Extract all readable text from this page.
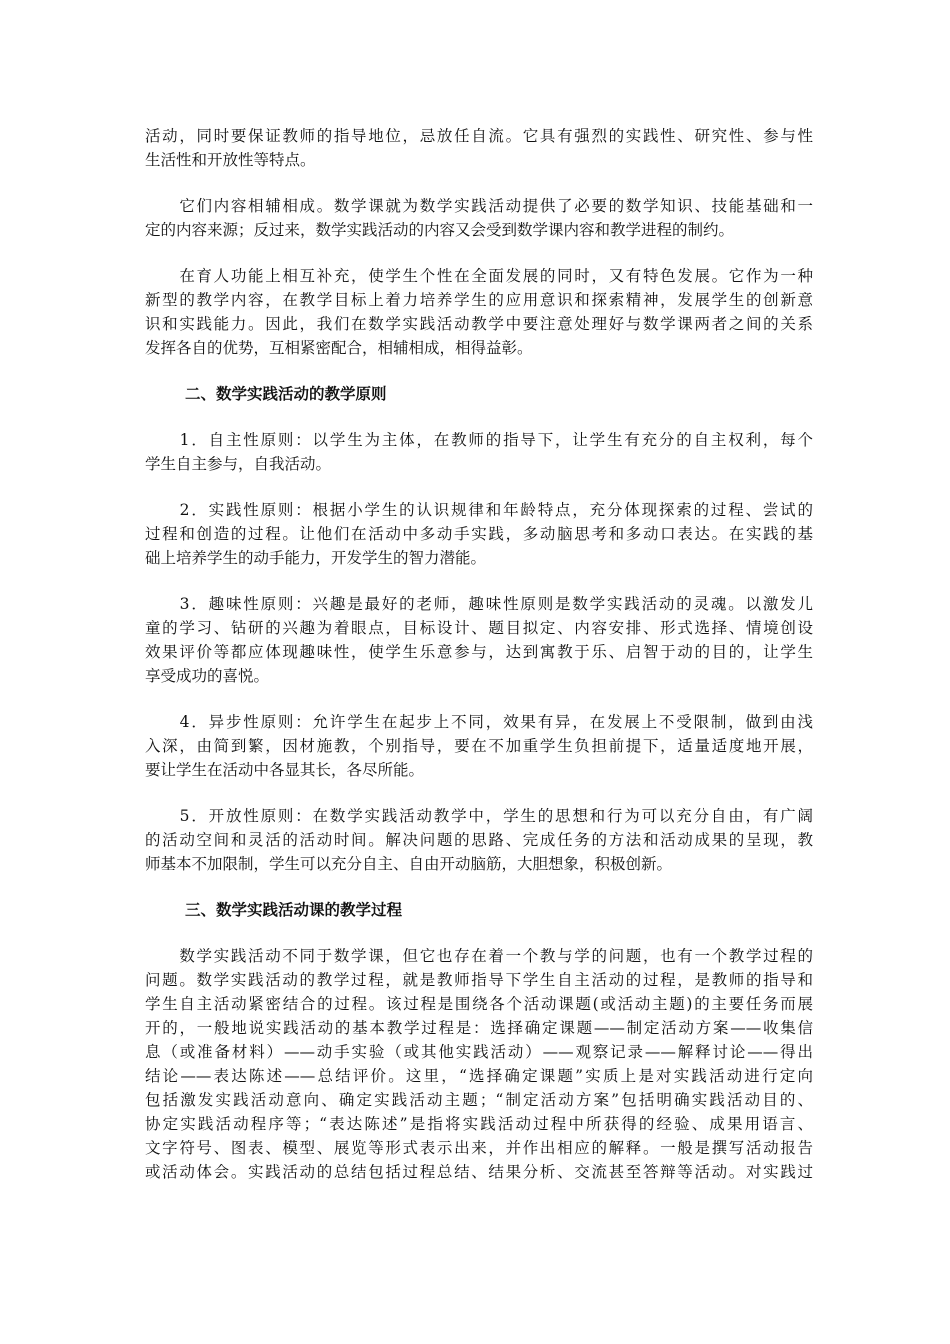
活动，同时要保证教师的指导地位，忌放任自流。它具有强烈的实践性、研究性、参与性
生活性和开放性等特点。
　　它们内容相辅相成。数学课就为数学实践活动提供了必要的数学知识、技能基础和一
定的内容来源；反过来，数学实践活动的内容又会受到数学课内容和教学进程的制约。
　　在育人功能上相互补充，使学生个性在全面发展的同时，又有特色发展。它作为一种
新型的教学内容，在教学目标上着力培养学生的应用意识和探索精神，发展学生的创新意
识和实践能力。因此，我们在数学实践活动教学中要注意处理好与数学课两者之间的关系
发挥各自的优势，互相紧密配合，相辅相成，相得益彰。
二、数学实践活动的教学原则
　　1．自主性原则：以学生为主体，在教师的指导下，让学生有充分的自主权利，每个
学生自主参与，自我活动。
　　2．实践性原则：根据小学生的认识规律和年龄特点，充分体现探索的过程、尝试的
过程和创造的过程。让他们在活动中多动手实践，多动脑思考和多动口表达。在实践的基
础上培养学生的动手能力，开发学生的智力潜能。
　　3．趣味性原则：兴趣是最好的老师，趣味性原则是数学实践活动的灵魂。以激发儿
童的学习、钻研的兴趣为着眼点，目标设计、题目拟定、内容安排、形式选择、情境创设
效果评价等都应体现趣味性，使学生乐意参与，达到寓教于乐、启智于动的目的，让学生
享受成功的喜悦。
　　4．异步性原则：允许学生在起步上不同，效果有异，在发展上不受限制，做到由浅
入深，由简到繁，因材施教，个别指导，要在不加重学生负担前提下，适量适度地开展，
要让学生在活动中各显其长，各尽所能。
　　5．开放性原则：在数学实践活动教学中，学生的思想和行为可以充分自由，有广阔
的活动空间和灵活的活动时间。解决问题的思路、完成任务的方法和活动成果的呈现，教
师基本不加限制，学生可以充分自主、自由开动脑筋，大胆想象，积极创新。
三、数学实践活动课的教学过程
　　数学实践活动不同于数学课，但它也存在着一个教与学的问题，也有一个教学过程的
问题。数学实践活动的教学过程，就是教师指导下学生自主活动的过程，是教师的指导和
学生自主活动紧密结合的过程。该过程是围绕各个活动课题(或活动主题)的主要任务而展
开的，一般地说实践活动的基本教学过程是：选择确定课题——制定活动方案——收集信
息（或准备材料）——动手实验（或其他实践活动）——观察记录——解释讨论——得出
结论——表达陈述——总结评价。这里，“选择确定课题”实质上是对实践活动进行定向
包括激发实践活动意向、确定实践活动主题；“制定活动方案”包括明确实践活动目的、
协定实践活动程序等；“表达陈述”是指将实践活动过程中所获得的经验、成果用语言、
文字符号、图表、模型、展览等形式表示出来，并作出相应的解释。一般是撰写活动报告
或活动体会。实践活动的总结包括过程总结、结果分析、交流甚至答辩等活动。对实践过
